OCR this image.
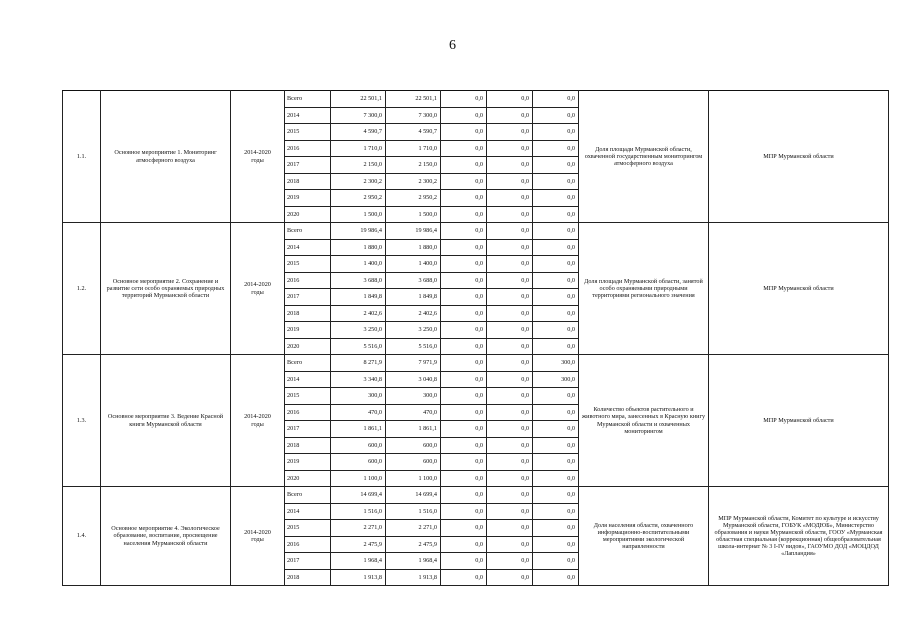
6
1.1.	Основное мероприятие 1. Мониторинг атмосферного воздуха	2014-2020
годы	Всего	22 501,1	22 501,1	0,0	0,0	0,0	Доля площади Мурманской области, охваченной государственным мониторингом атмосферного воздуха	МПР Мурманской области
			2014	7 300,0	7 300,0	0,0	0,0	0,0		
			2015	4 590,7	4 590,7	0,0	0,0	0,0		
			2016	1 710,0	1 710,0	0,0	0,0	0,0		
			2017	2 150,0	2 150,0	0,0	0,0	0,0		
			2018	2 300,2	2 300,2	0,0	0,0	0,0		
			2019	2 950,2	2 950,2	0,0	0,0	0,0		
			2020	1 500,0	1 500,0	0,0	0,0	0,0		
1.2.	Основное мероприятие 2. Сохранение и развитие сети особо охраняемых природных территорий Мурманской области	2014-2020
годы	Всего	19 986,4	19 986,4	0,0	0,0	0,0	Доля площади Мурманской области, занятой особо охраняемыми природными территориями регионального значения	МПР Мурманской области
			2014	1 880,0	1 880,0	0,0	0,0	0,0		
			2015	1 400,0	1 400,0	0,0	0,0	0,0		
			2016	3 688,0	3 688,0	0,0	0,0	0,0		
			2017	1 849,8	1 849,8	0,0	0,0	0,0		
			2018	2 402,6	2 402,6	0,0	0,0	0,0		
			2019	3 250,0	3 250,0	0,0	0,0	0,0		
			2020	5 516,0	5 516,0	0,0	0,0	0,0		
1.3.	Основное мероприятие 3. Ведение Красной книги Мурманской области	2014-2020
годы	Всего	8 271,9	7 971,9	0,0	0,0	300,0	Количество объектов растительного и животного мира, занесенных в Красную книгу Мурманской области и охваченных мониторингом	МПР Мурманской области
			2014	3 340,8	3 040,8	0,0	0,0	300,0		
			2015	300,0	300,0	0,0	0,0	0,0		
			2016	470,0	470,0	0,0	0,0	0,0		
			2017	1 861,1	1 861,1	0,0	0,0	0,0		
			2018	600,0	600,0	0,0	0,0	0,0		
			2019	600,0	600,0	0,0	0,0	0,0		
			2020	1 100,0	1 100,0	0,0	0,0	0,0		
1.4.	Основное мероприятие 4. Экологическое образование, воспитание, просвещение населения Мурманской области	2014-2020
годы	Всего	14 699,4	14 699,4	0,0	0,0	0,0	Доля населения области, охваченного информационно-воспитательными мероприятиями экологической направленности	МПР Мурманской области, Комитет по культуре и искусству Мурманской области, ГОБУК «МОДЮБ», Министерство образования и науки Мурманской области, ГООУ «Мурманская областная специальная (коррекционная) общеобразовательная школа-интернат № 3 I-IV видов», ГАОУМО ДОД «МОЦДОД «Лапландия»
			2014	1 516,0	1 516,0	0,0	0,0	0,0		
			2015	2 271,0	2 271,0	0,0	0,0	0,0		
			2016	2 475,9	2 475,9	0,0	0,0	0,0		
			2017	1 968,4	1 968,4	0,0	0,0	0,0		
			2018	1 913,8	1 913,8	0,0	0,0	0,0		
